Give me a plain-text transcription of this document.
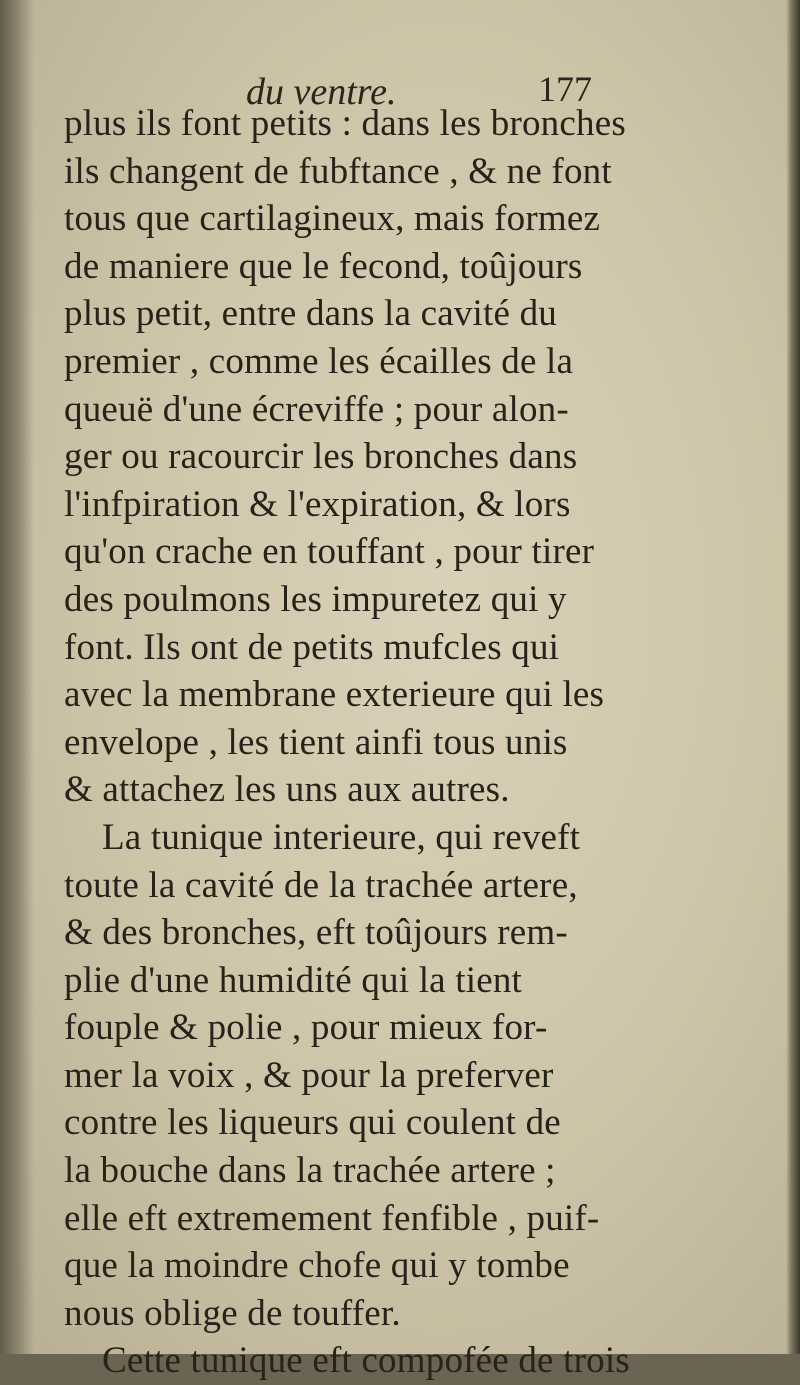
du ventre.	177
plus ils font petits : dans les bronches
ils changent de fubftance , & ne font
tous que cartilagineux, mais formez
de maniere que le fecond, toûjours
plus petit, entre dans la cavité du
premier , comme les écailles de la
queuë d'une écreviffe ; pour alon-
ger ou racourcir les bronches dans
l'infpiration & l'expiration, & lors
qu'on crache en touffant , pour tirer
des poulmons les impuretez qui y
font. Ils ont de petits mufcles qui
avec la membrane exterieure qui les
envelope , les tient ainfi tous unis
& attachez les uns aux autres.
La tunique interieure, qui reveft
toute la cavité de la trachée artere,
& des bronches, eft toûjours rem-
plie d'une humidité qui la tient
fouple & polie , pour mieux for-
mer la voix , & pour la preferver
contre les liqueurs qui coulent de
la bouche dans la trachée artere ;
elle eft extremement fenfible , puif-
que la moindre chofe qui y tombe
nous oblige de touffer.
Cette tunique eft compofée de trois
